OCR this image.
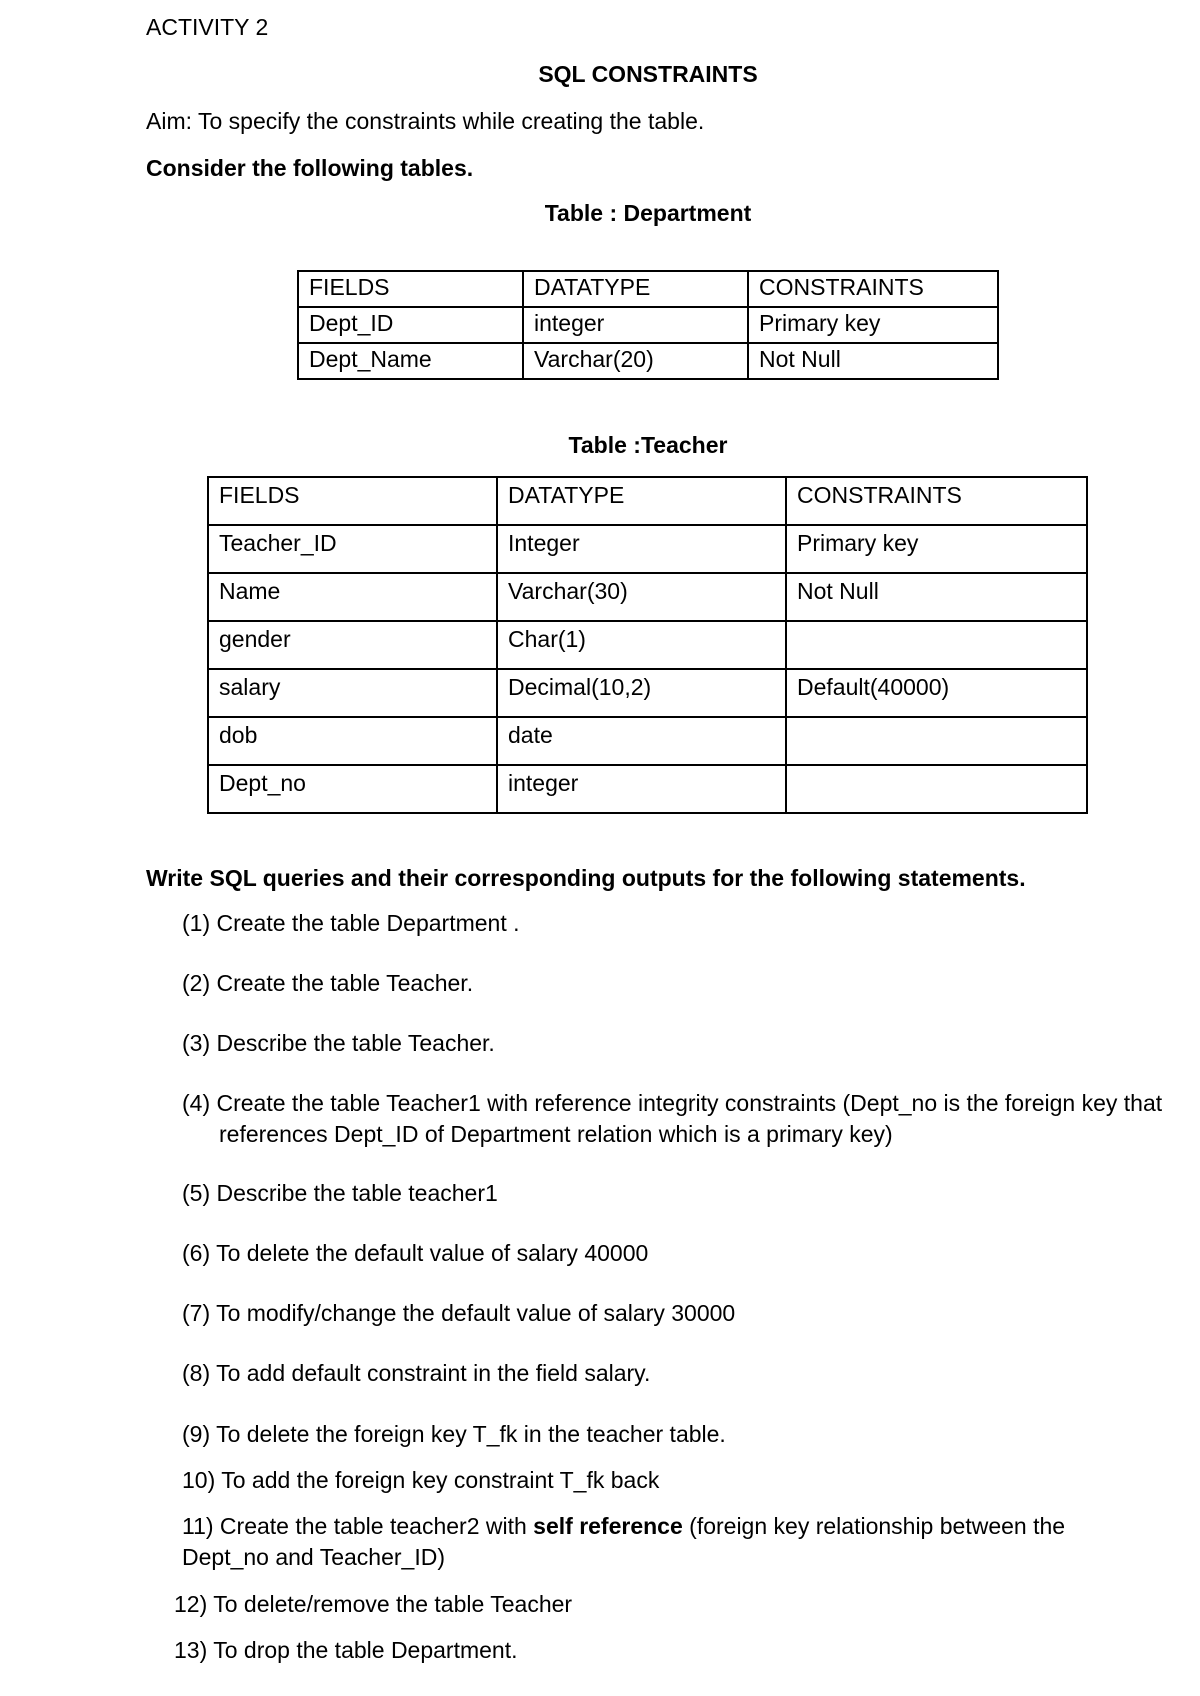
ACTIVITY 2
SQL CONSTRAINTS
Aim: To specify the constraints while creating the table.
Consider the following tables.
Table : Department
FIELDS	DATATYPE	CONSTRAINTS
Dept_ID	integer	Primary key
Dept_Name	Varchar(20)	Not Null
Table :Teacher
FIELDS	DATATYPE	CONSTRAINTS
Teacher_ID	Integer	Primary key
Name	Varchar(30)	Not Null
gender	Char(1)	
salary	Decimal(10,2)	Default(40000)
dob	date	
Dept_no	integer	
Write SQL queries and their corresponding outputs for the following statements.
(1) Create the table Department .
(2) Create the table Teacher.
(3) Describe the table Teacher.
(4) Create the table Teacher1 with reference integrity constraints (Dept_no is the foreign key that references Dept_ID of Department relation which is a primary key)
(5) Describe the table teacher1
(6) To delete the default value of salary 40000
(7) To modify/change the default value of salary 30000
(8) To add default constraint in the field salary.
(9) To delete the foreign key T_fk in the teacher table.
10) To add the foreign key constraint T_fk back
11) Create the table teacher2 with self reference (foreign key relationship between the Dept_no and Teacher_ID)
12) To delete/remove the table Teacher
13) To drop the table Department.
